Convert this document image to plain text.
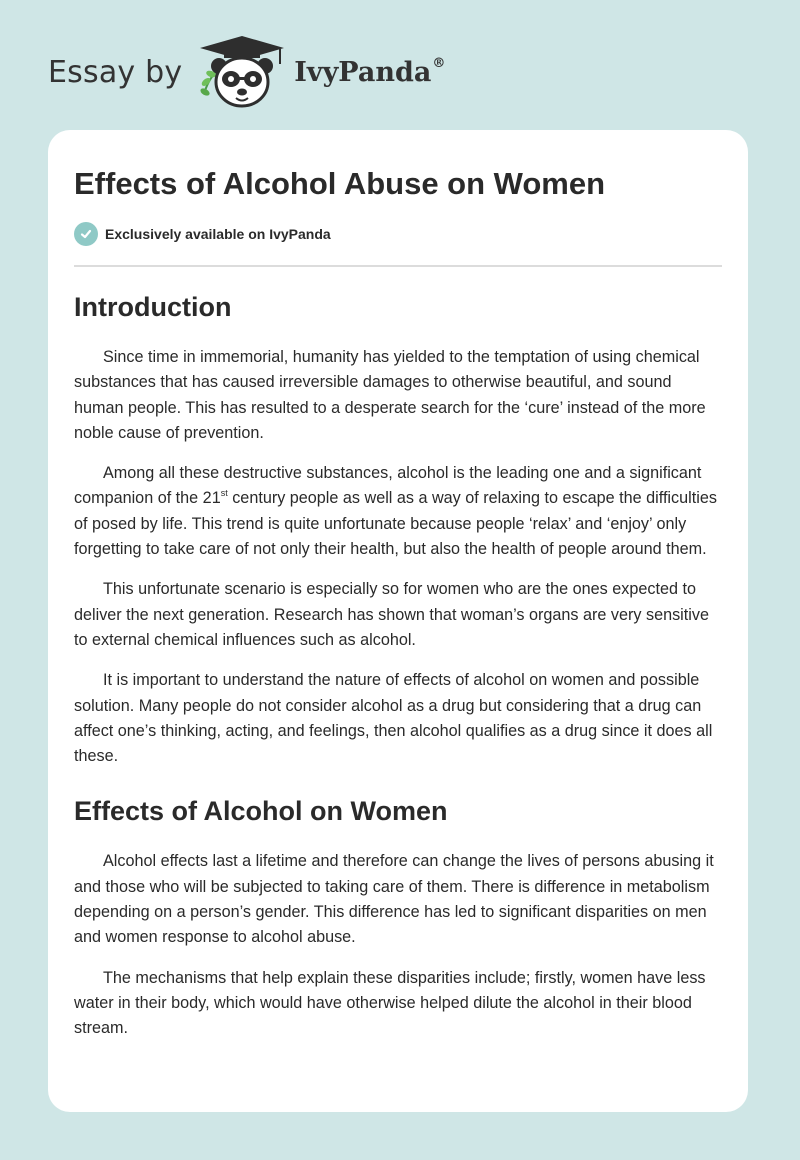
Essay by	IvyPanda®
Effects of Alcohol Abuse on Women
Exclusively available on IvyPanda
Introduction

Since time in immemorial, humanity has yielded to the temptation of using chemical substances that has caused irreversible damages to otherwise beautiful, and sound human people. This has resulted to a desperate search for the ‘cure’ instead of the more noble cause of prevention.

Among all these destructive substances, alcohol is the leading one and a significant companion of the 21st century people as well as a way of relaxing to escape the difficulties of posed by life. This trend is quite unfortunate because people ‘relax’ and ‘enjoy’ only forgetting to take care of not only their health, but also the health of people around them.

This unfortunate scenario is especially so for women who are the ones expected to deliver the next generation. Research has shown that woman’s organs are very sensitive to external chemical influences such as alcohol.

It is important to understand the nature of effects of alcohol on women and possible solution. Many people do not consider alcohol as a drug but considering that a drug can affect one’s thinking, acting, and feelings, then alcohol qualifies as a drug since it does all these.

Effects of Alcohol on Women

Alcohol effects last a lifetime and therefore can change the lives of persons abusing it and those who will be subjected to taking care of them. There is difference in metabolism depending on a person’s gender. This difference has led to significant disparities on men and women response to alcohol abuse.

The mechanisms that help explain these disparities include; firstly, women have less water in their body, which would have otherwise helped dilute the alcohol in their blood stream.
